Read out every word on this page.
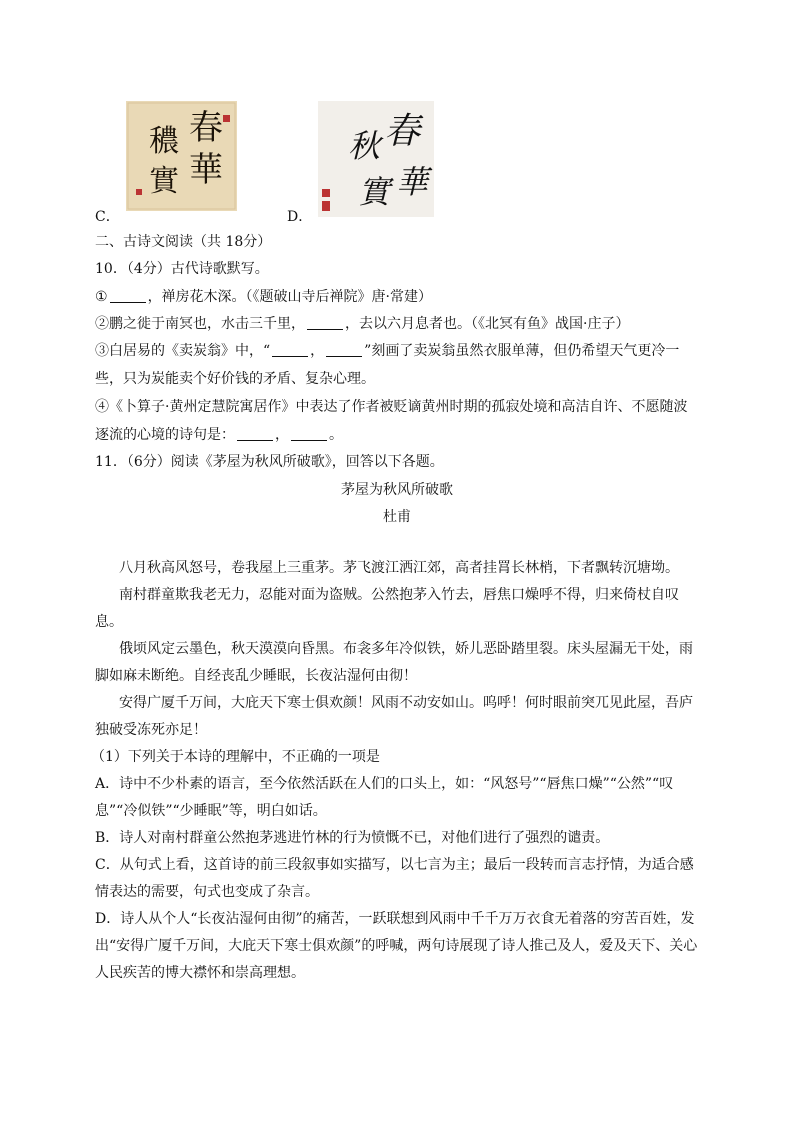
C．
春
華
穠
實
D．
春
華
秋
實
二、古诗文阅读（共 18分）
10．（4分）古代诗歌默写。
①	，禅房花木深。（《题破山寺后禅院》唐·常建）
②鹏之徙于南冥也，水击三千里，	，去以六月息者也。（《北冥有鱼》战国·庄子）
③白居易的《卖炭翁》中，“	，	”刻画了卖炭翁虽然衣服单薄，但仍希望天气更冷一
些，只为炭能卖个好价钱的矛盾、复杂心理。
④《卜算子·黄州定慧院寓居作》中表达了作者被贬谪黄州时期的孤寂处境和高洁自许、不愿随波
逐流的心境的诗句是：	，	。
11．（6分）阅读《茅屋为秋风所破歌》，回答以下各题。
茅屋为秋风所破歌
杜甫
八月秋高风怒号，卷我屋上三重茅。茅飞渡江洒江郊，高者挂罥长林梢，下者飘转沉塘坳。
南村群童欺我老无力，忍能对面为盗贼。公然抱茅入竹去，唇焦口燥呼不得，归来倚杖自叹
息。
俄顷风定云墨色，秋天漠漠向昏黑。布衾多年冷似铁，娇儿恶卧踏里裂。床头屋漏无干处，雨
脚如麻未断绝。自经丧乱少睡眠，长夜沾湿何由彻！
安得广厦千万间，大庇天下寒士俱欢颜！风雨不动安如山。呜呼！何时眼前突兀见此屋，吾庐
独破受冻死亦足！
（1）下列关于本诗的理解中，不正确的一项是
A．诗中不少朴素的语言，至今依然活跃在人们的口头上，如：“风怒号”“唇焦口燥”“公然”“叹
息”“冷似铁”“少睡眠”等，明白如话。
B．诗人对南村群童公然抱茅逃进竹林的行为愤慨不已，对他们进行了强烈的谴责。
C．从句式上看，这首诗的前三段叙事如实描写，以七言为主；最后一段转而言志抒情，为适合感
情表达的需要，句式也变成了杂言。
D．诗人从个人“长夜沾湿何由彻”的痛苦，一跃联想到风雨中千千万万衣食无着落的穷苦百姓，发
出“安得广厦千万间，大庇天下寒士俱欢颜”的呼喊，两句诗展现了诗人推己及人，爱及天下、关心
人民疾苦的博大襟怀和崇高理想。
